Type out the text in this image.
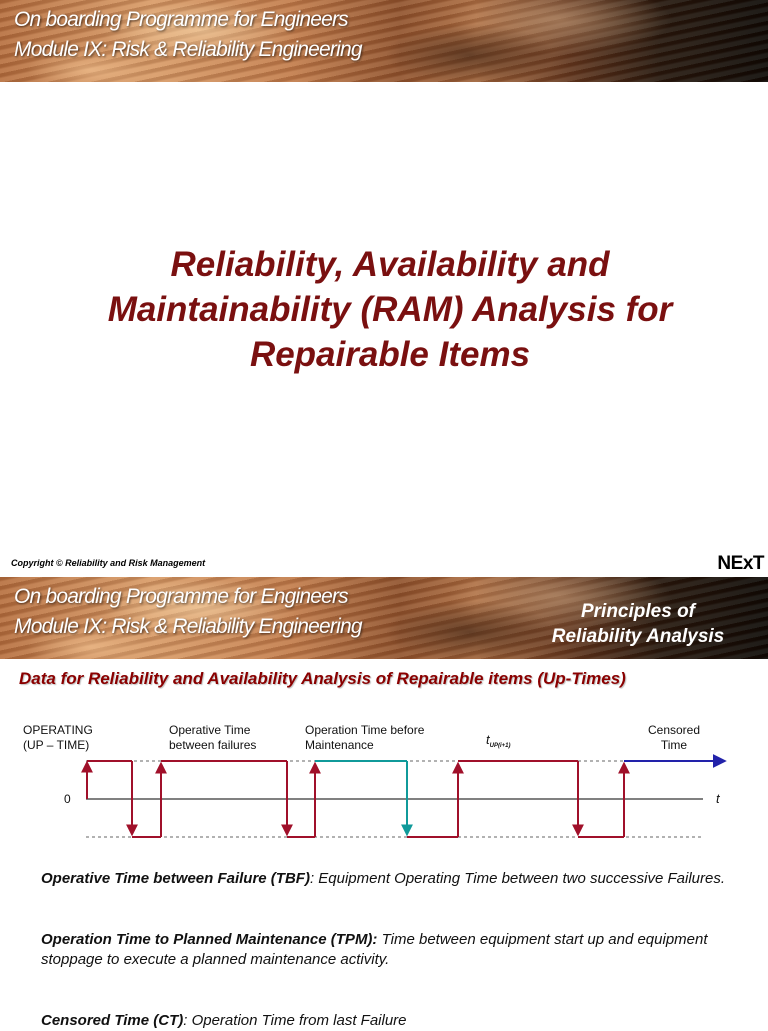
On boarding Programme for Engineers
Module IX: Risk & Reliability Engineering
Reliability, Availability and
Maintainability (RAM) Analysis for
Repairable Items
Copyright © Reliability and Risk Management	NExT
On boarding Programme for Engineers
Module IX: Risk & Reliability Engineering
Principles of
Reliability Analysis
Data for Reliability and Availability Analysis of Repairable items (Up-Times)
OPERATING
(UP – TIME)
Operative Time
between failures
Operation Time before
Maintenance	$t_{UP(i+1)}$
Censored
Time
0	t
Operative Time between Failure (TBF): Equipment Operating Time between two successive Failures.
Operation Time to Planned Maintenance (TPM): Time between equipment start up and equipment stoppage to execute a planned maintenance activity.
Censored Time (CT): Operation Time from last Failure
